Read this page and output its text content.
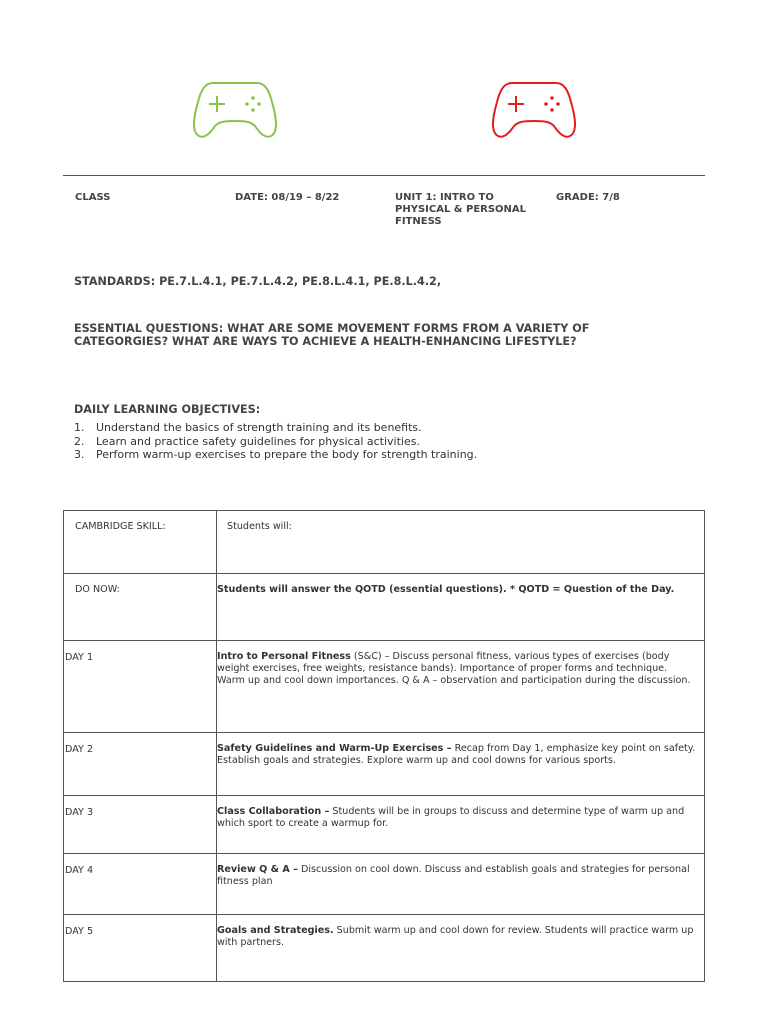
CLASS	DATE: 08/19 – 8/22	UNIT 1: INTRO TO PHYSICAL & PERSONAL FITNESS
GRADE: 7/8
STANDARDS: PE.7.L.4.1, PE.7.L.4.2, PE.8.L.4.1, PE.8.L.4.2,
ESSENTIAL QUESTIONS: WHAT ARE SOME MOVEMENT FORMS FROM A VARIETY OF CATEGORGIES? WHAT ARE WAYS TO ACHIEVE A HEALTH-ENHANCING LIFESTYLE?
DAILY LEARNING OBJECTIVES:
1. Understand the basics of strength training and its benefits.
2. Learn and practice safety guidelines for physical activities.
3. Perform warm-up exercises to prepare the body for strength training.
CAMBRIDGE SKILL:	Students will:

DO NOW:	Students will answer the QOTD (essential questions). * QOTD = Question of the Day.

DAY 1	Intro to Personal Fitness (S&C) – Discuss personal fitness, various types of exercises (body weight exercises, free weights, resistance bands). Importance of proper forms and technique. Warm up and cool down importances. Q & A – observation and participation during the discussion.

DAY 2	Safety Guidelines and Warm-Up Exercises – Recap from Day 1, emphasize key point on safety. Establish goals and strategies. Explore warm up and cool downs for various sports.

DAY 3	Class Collaboration – Students will be in groups to discuss and determine type of warm up and which sport to create a warmup for.

DAY 4	Review Q & A – Discussion on cool down. Discuss and establish goals and strategies for personal fitness plan

DAY 5	Goals and Strategies. Submit warm up and cool down for review. Students will practice warm up with partners.
